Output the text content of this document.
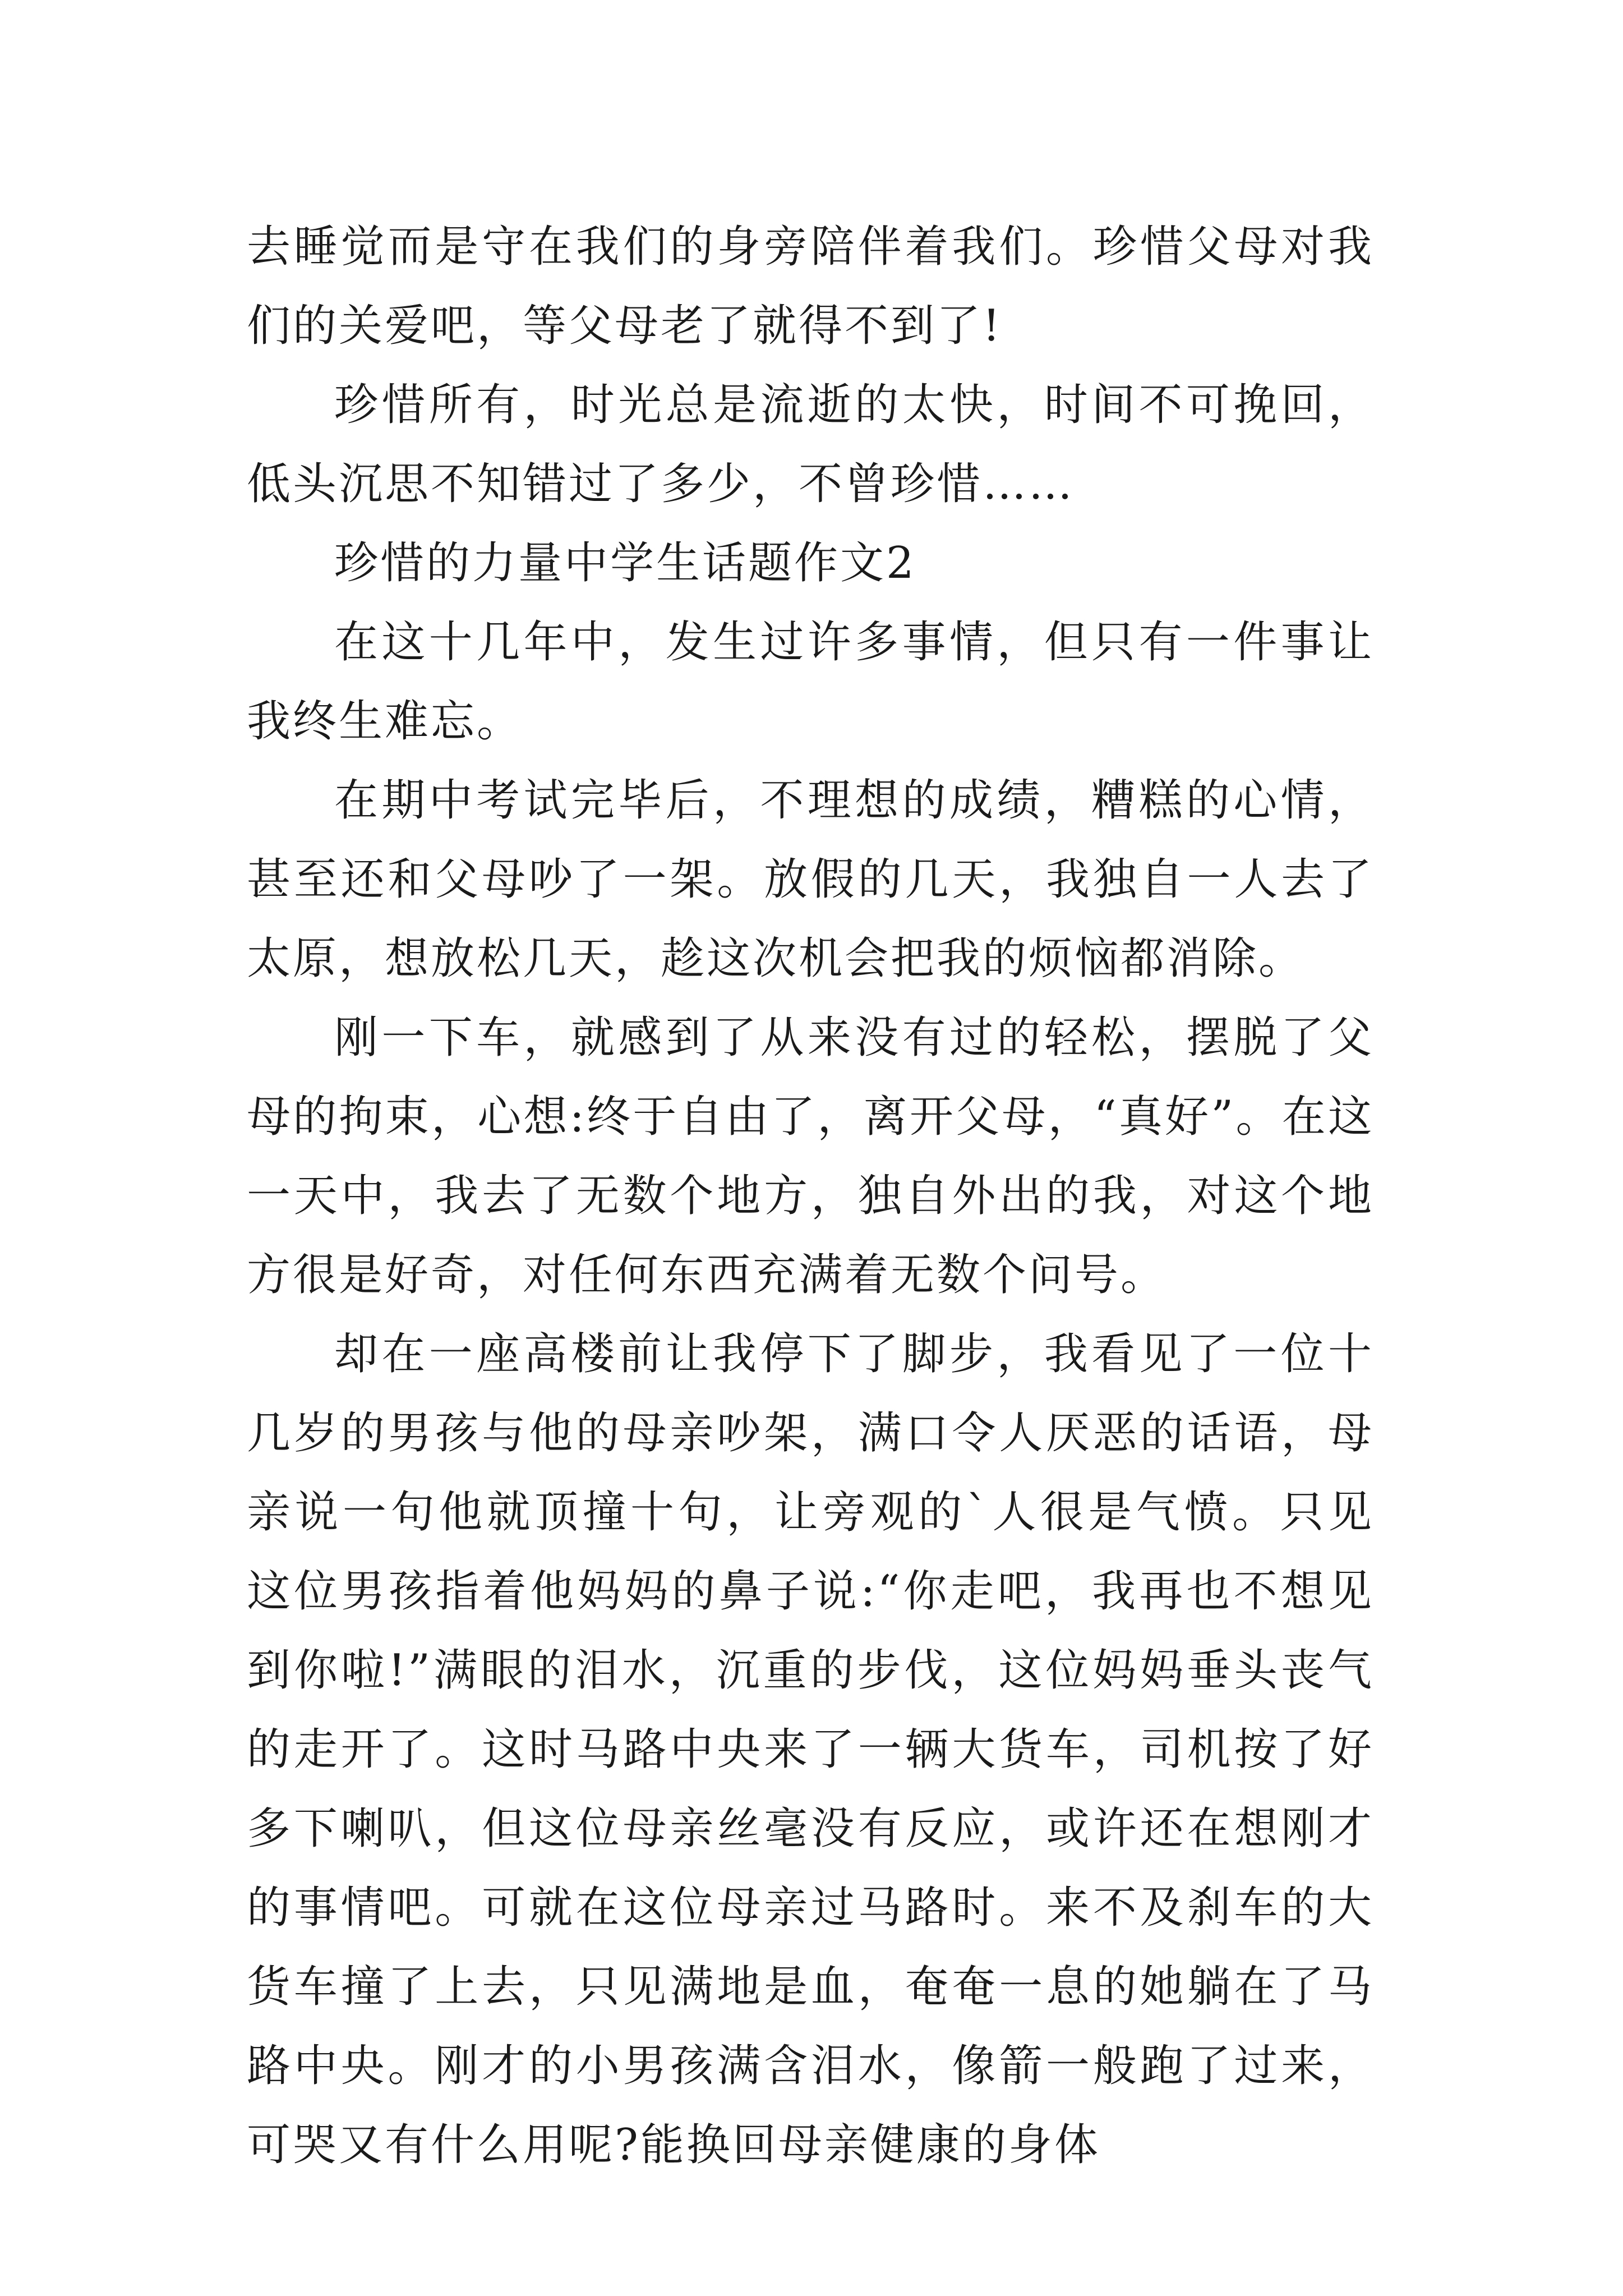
去睡觉而是守在我们的身旁陪伴着我们。珍惜父母对我们的关爱吧，等父母老了就得不到了!

珍惜所有，时光总是流逝的太快，时间不可挽回，低头沉思不知错过了多少，不曾珍惜……

珍惜的力量中学生话题作文2

在这十几年中，发生过许多事情，但只有一件事让我终生难忘。

在期中考试完毕后，不理想的成绩，糟糕的心情，甚至还和父母吵了一架。放假的几天，我独自一人去了太原，想放松几天，趁这次机会把我的烦恼都消除。

刚一下车，就感到了从来没有过的轻松，摆脱了父母的拘束，心想:终于自由了，离开父母，“真好”。在这一天中，我去了无数个地方，独自外出的我，对这个地方很是好奇，对任何东西充满着无数个问号。

却在一座高楼前让我停下了脚步，我看见了一位十几岁的男孩与他的母亲吵架，满口令人厌恶的话语，母亲说一句他就顶撞十句，让旁观的`人很是气愤。只见这位男孩指着他妈妈的鼻子说:“你走吧，我再也不想见到你啦!”满眼的泪水，沉重的步伐，这位妈妈垂头丧气的走开了。这时马路中央来了一辆大货车，司机按了好多下喇叭，但这位母亲丝毫没有反应，或许还在想刚才的事情吧。可就在这位母亲过马路时。来不及刹车的大货车撞了上去，只见满地是血，奄奄一息的她躺在了马路中央。刚才的小男孩满含泪水，像箭一般跑了过来，可哭又有什么用呢?能换回母亲健康的身体
